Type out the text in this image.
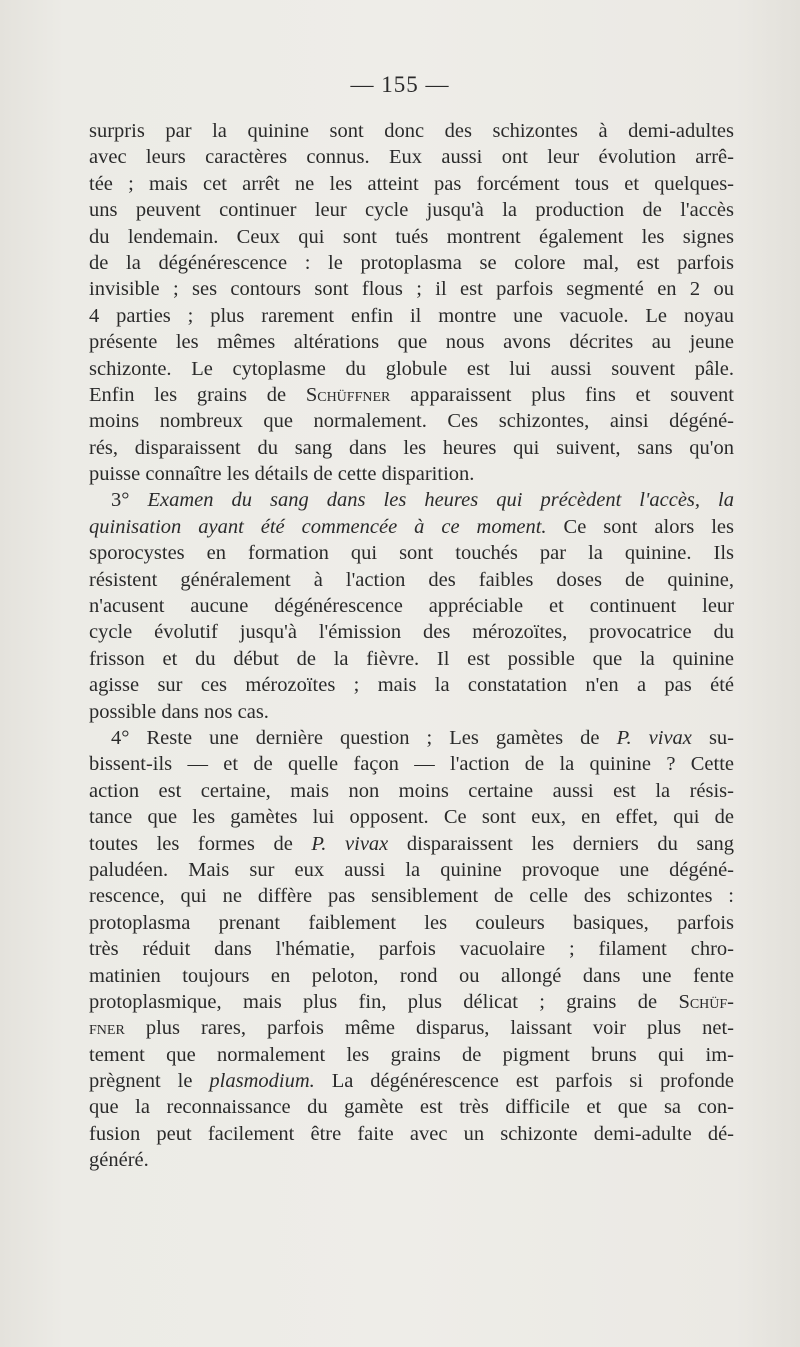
— 155 —
surpris par la quinine sont donc des schizontes à demi-adultes
avec leurs caractères connus. Eux aussi ont leur évolution arrê-
tée ; mais cet arrêt ne les atteint pas forcément tous et quelques-
uns peuvent continuer leur cycle jusqu'à la production de l'accès
du lendemain. Ceux qui sont tués montrent également les signes
de la dégénérescence : le protoplasma se colore mal, est parfois
invisible ; ses contours sont flous ; il est parfois segmenté en 2 ou
4 parties ; plus rarement enfin il montre une vacuole. Le noyau
présente les mêmes altérations que nous avons décrites au jeune
schizonte. Le cytoplasme du globule est lui aussi souvent pâle.
Enfin les grains de Schüffner apparaissent plus fins et souvent
moins nombreux que normalement. Ces schizontes, ainsi dégéné-
rés, disparaissent du sang dans les heures qui suivent, sans qu'on
puisse connaître les détails de cette disparition.
3° Examen du sang dans les heures qui précèdent l'accès, la
quinisation ayant été commencée à ce moment. Ce sont alors les
sporocystes en formation qui sont touchés par la quinine. Ils
résistent généralement à l'action des faibles doses de quinine,
n'acusent aucune dégénérescence appréciable et continuent leur
cycle évolutif jusqu'à l'émission des mérozoïtes, provocatrice du
frisson et du début de la fièvre. Il est possible que la quinine
agisse sur ces mérozoïtes ; mais la constatation n'en a pas été
possible dans nos cas.
4° Reste une dernière question ; Les gamètes de P. vivax su-
bissent-ils — et de quelle façon — l'action de la quinine ? Cette
action est certaine, mais non moins certaine aussi est la résis-
tance que les gamètes lui opposent. Ce sont eux, en effet, qui de
toutes les formes de P. vivax disparaissent les derniers du sang
paludéen. Mais sur eux aussi la quinine provoque une dégéné-
rescence, qui ne diffère pas sensiblement de celle des schizontes :
protoplasma prenant faiblement les couleurs basiques, parfois
très réduit dans l'hématie, parfois vacuolaire ; filament chro-
matinien toujours en peloton, rond ou allongé dans une fente
protoplasmique, mais plus fin, plus délicat ; grains de Schüf-
fner plus rares, parfois même disparus, laissant voir plus net-
tement que normalement les grains de pigment bruns qui im-
prègnent le plasmodium. La dégénérescence est parfois si profonde
que la reconnaissance du gamète est très difficile et que sa con-
fusion peut facilement être faite avec un schizonte demi-adulte dé-
généré.
